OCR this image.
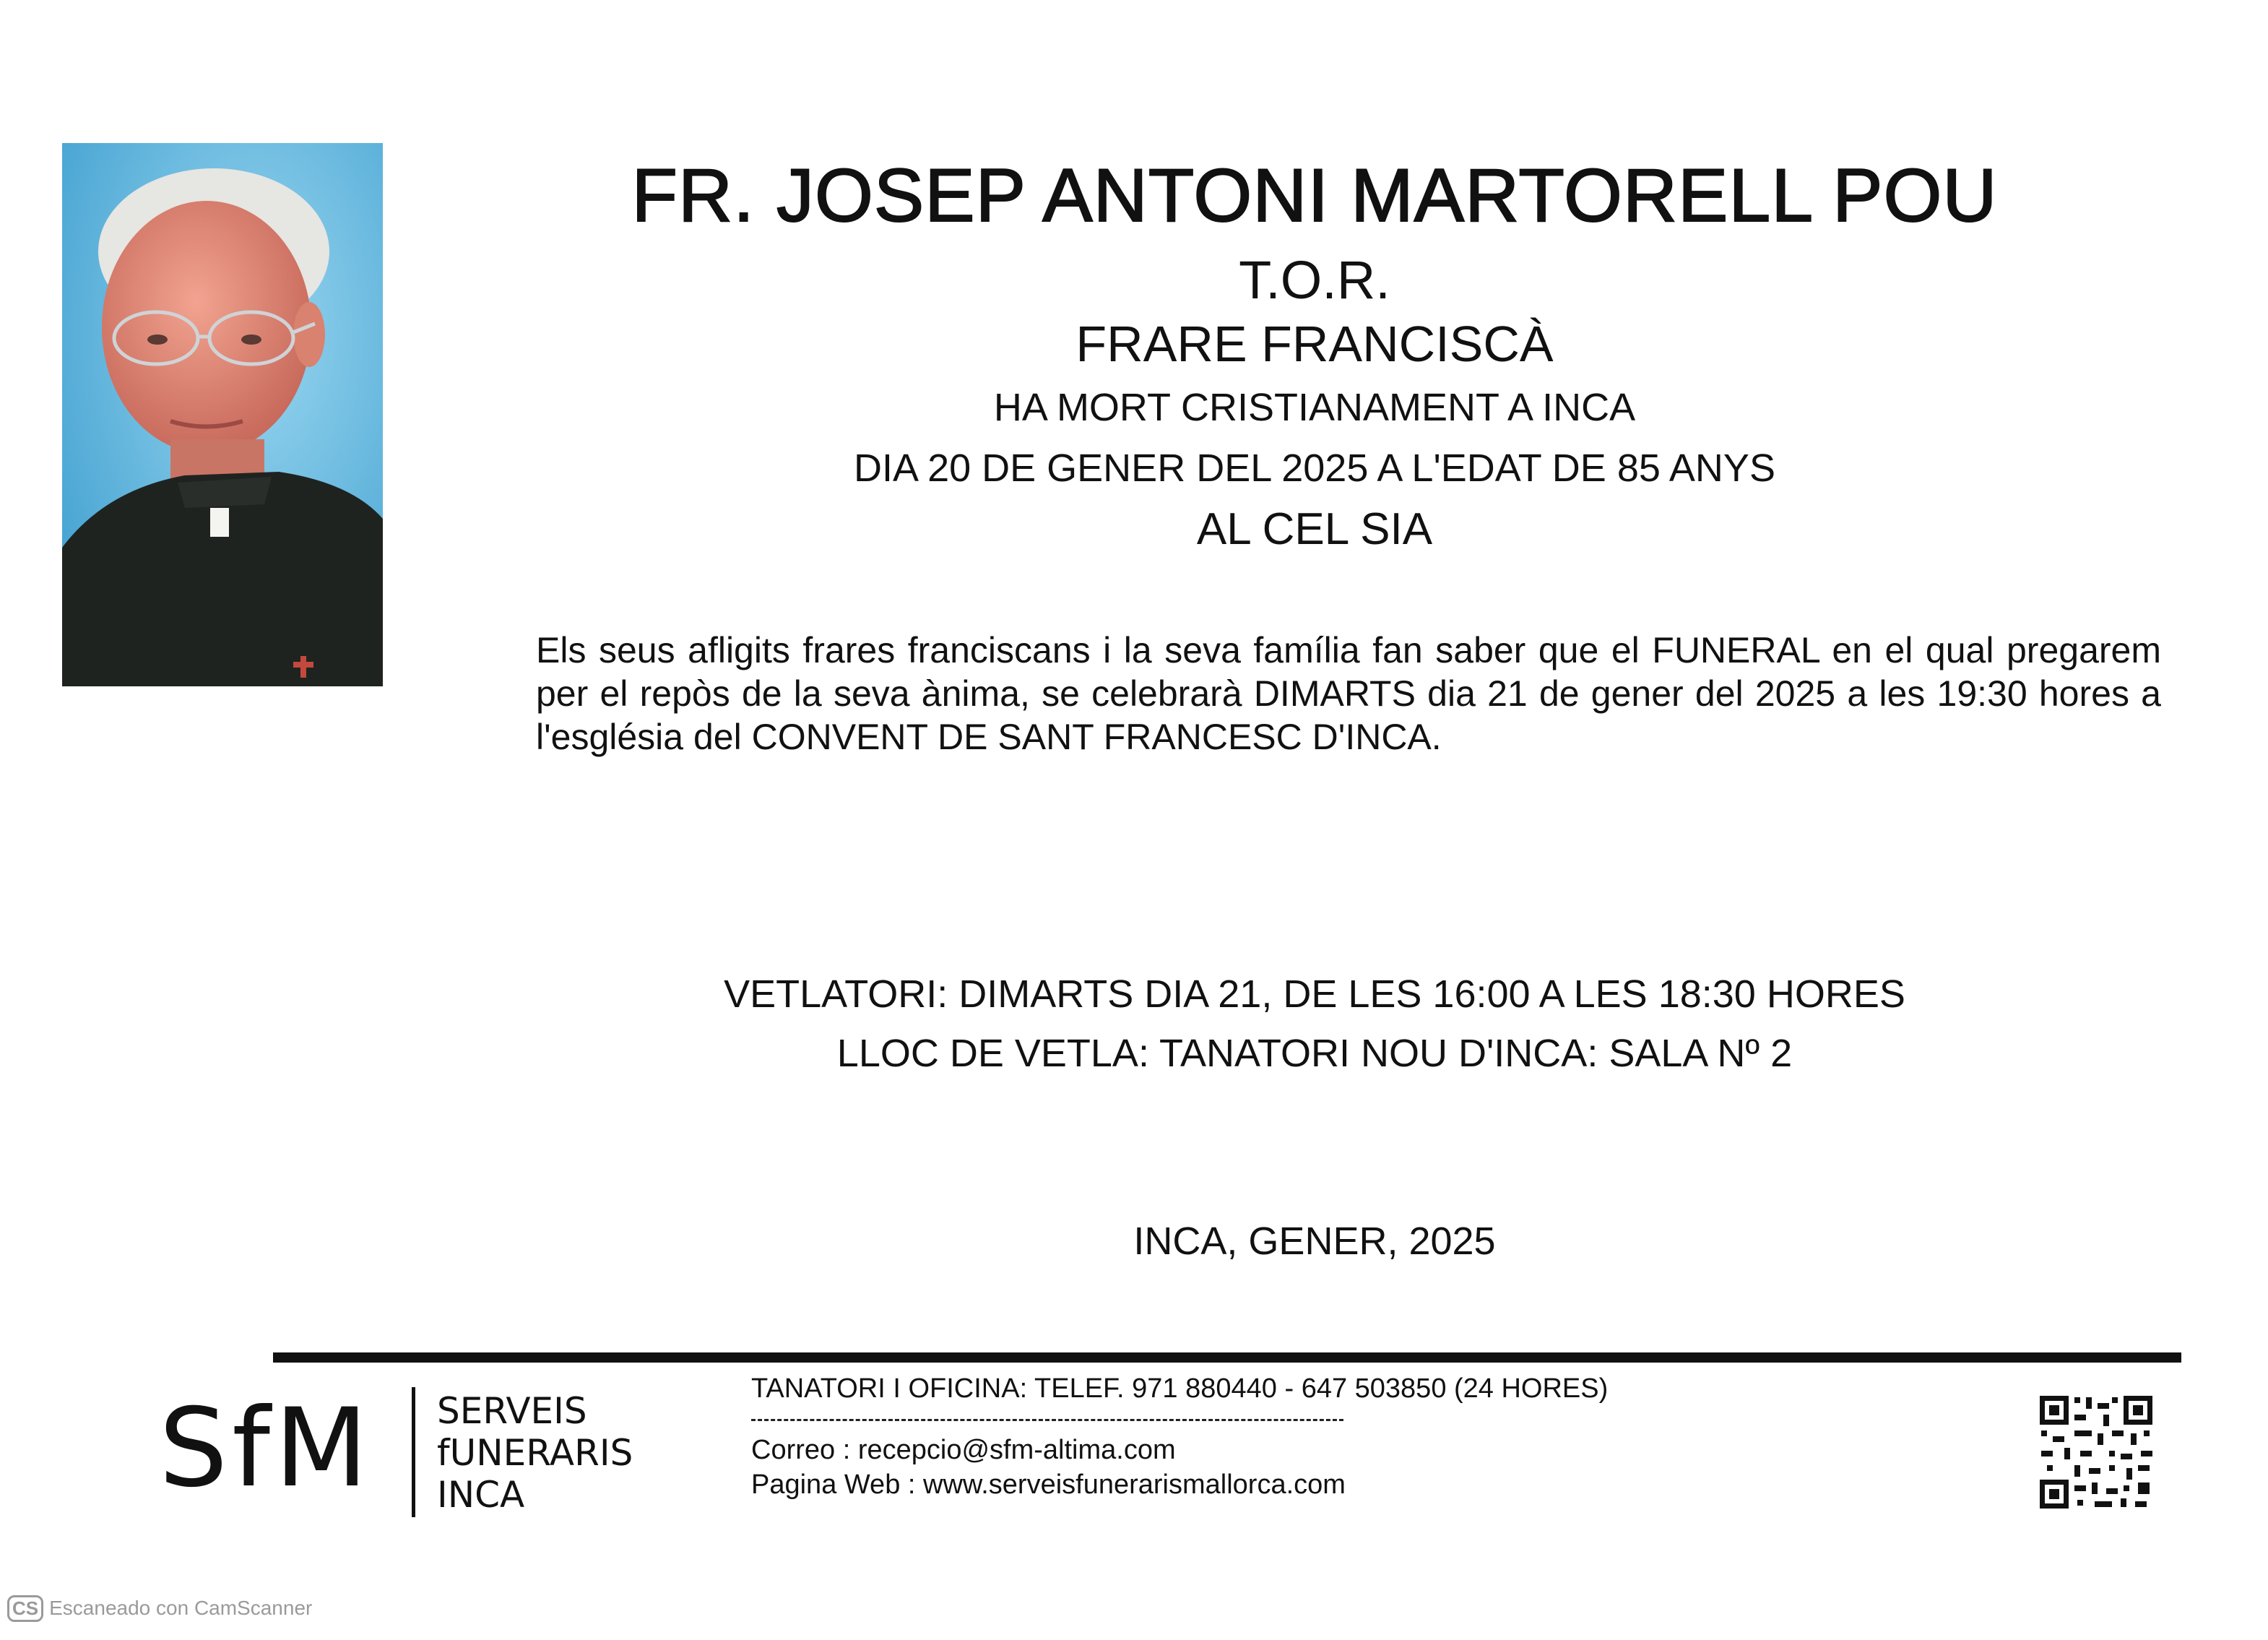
FR. JOSEP ANTONI MARTORELL POU
T.O.R.
FRARE FRANCISCÀ
HA MORT CRISTIANAMENT A INCA
DIA 20 DE GENER DEL 2025 A L'EDAT DE 85 ANYS
AL CEL SIA
Els seus afligits frares franciscans i la seva família fan saber que el FUNERAL en el qual pregarem per el repòs de la seva ànima, se celebrarà DIMARTS dia 21 de gener del 2025 a les 19:30 hores a l'església del CONVENT DE SANT FRANCESC D'INCA.
VETLATORI: DIMARTS DIA 21, DE LES 16:00 A LES 18:30 HORES
LLOC DE VETLA: TANATORI NOU D'INCA: SALA Nº 2
INCA, GENER, 2025
SfM SERVEIS
fUNERARIS
INCA
TANATORI I OFICINA: TELEF. 971 880440 - 647 503850 (24 HORES)
Correo : recepcio@sfm-altima.com
Pagina Web : www.serveisfunerarismallorca.com
CS Escaneado con CamScanner
